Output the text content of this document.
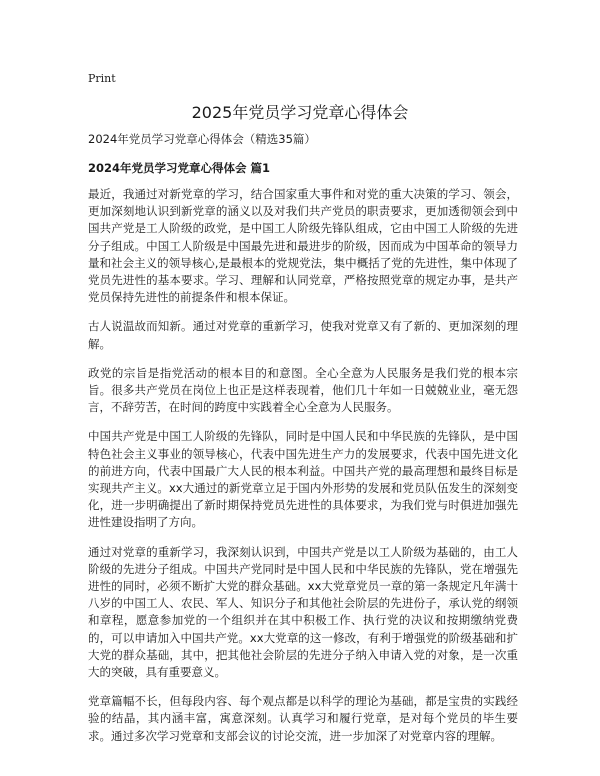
Print
2025年党员学习党章心得体会

2024年党员学习党章心得体会（精选35篇）

2024年党员学习党章心得体会 篇1

最近，我通过对新党章的学习，结合国家重大事件和对党的重大决策的学习、领会，更加深刻地认识到新党章的涵义以及对我们共产党员的职责要求，更加透彻领会到中国共产党是工人阶级的政党，是中国工人阶级先锋队组成，它由中国工人阶级的先进分子组成。中国工人阶级是中国最先进和最进步的阶级，因而成为中国革命的领导力量和社会主义的领导核心,是最根本的党规党法，集中概括了党的先进性，集中体现了党员先进性的基本要求。学习、理解和认同党章，严格按照党章的规定办事，是共产党员保持先进性的前提条件和根本保证。

古人说温故而知新。通过对党章的重新学习，使我对党章又有了新的、更加深刻的理解。

政党的宗旨是指党活动的根本目的和意图。全心全意为人民服务是我们党的根本宗旨。很多共产党员在岗位上也正是这样表现着，他们几十年如一日兢兢业业，毫无怨言，不辞劳苦，在时间的跨度中实践着全心全意为人民服务。

中国共产党是中国工人阶级的先锋队，同时是中国人民和中华民族的先锋队，是中国特色社会主义事业的领导核心，代表中国先进生产力的发展要求，代表中国先进文化的前进方向，代表中国最广大人民的根本利益。中国共产党的最高理想和最终目标是实现共产主义。xx大通过的新党章立足于国内外形势的发展和党员队伍发生的深刻变化，进一步明确提出了新时期保持党员先进性的具体要求，为我们党与时俱进加强先进性建设指明了方向。

通过对党章的重新学习，我深刻认识到，中国共产党是以工人阶级为基础的，由工人阶级的先进分子组成。中国共产党同时是中国人民和中华民族的先锋队，党在增强先进性的同时，必须不断扩大党的群众基础。xx大党章党员一章的第一条规定凡年满十八岁的中国工人、农民、军人、知识分子和其他社会阶层的先进份子，承认党的纲领和章程，愿意参加党的一个组织并在其中积极工作、执行党的决议和按期缴纳党费的，可以申请加入中国共产党。xx大党章的这一修改，有利于增强党的阶级基础和扩大党的群众基础，其中，把其他社会阶层的先进分子纳入申请入党的对象，是一次重大的突破，具有重要意义。

党章篇幅不长，但每段内容、每个观点都是以科学的理论为基础，都是宝贵的实践经验的结晶，其内涵丰富，寓意深刻。认真学习和履行党章，是对每个党员的毕生要求。通过多次学习党章和支部会议的讨论交流，进一步加深了对党章内容的理解。
